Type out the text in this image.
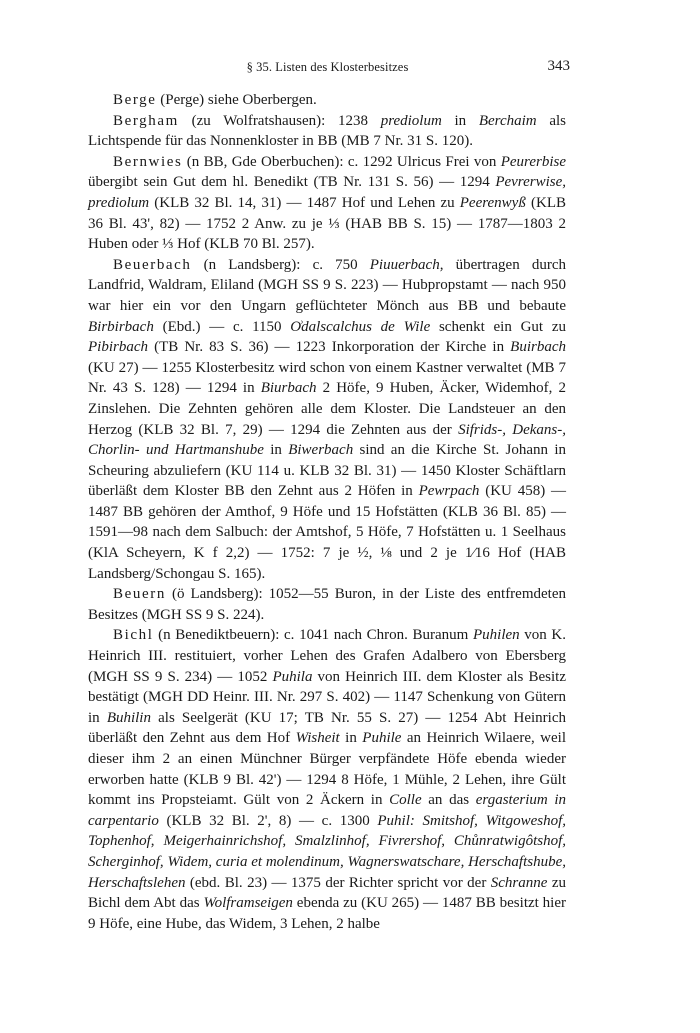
§ 35. Listen des Klosterbesitzes	343

Berge (Perge) siehe Oberbergen.

Bergham (zu Wolfratshausen): 1238 prediolum in Berchaim als Lichtspende für das Nonnenkloster in BB (MB 7 Nr. 31 S. 120).

Bernwies (n BB, Gde Oberbuchen): c. 1292 Ulricus Frei von Peurerbise übergibt sein Gut dem hl. Benedikt (TB Nr. 131 S. 56) — 1294 Pevrerwise, prediolum (KLB 32 Bl. 14, 31) — 1487 Hof und Lehen zu Peerenwyß (KLB 36 Bl. 43', 82) — 1752 2 Anw. zu je ⅓ (HAB BB S. 15) — 1787—1803 2 Huben oder ⅓ Hof (KLB 70 Bl. 257).

Beuerbach (n Landsberg): c. 750 Piuuerbach, übertragen durch Landfrid, Waldram, Eliland (MGH SS 9 S. 223) — Hubpropstamt — nach 950 war hier ein vor den Ungarn geflüchteter Mönch aus BB und bebaute Birbirbach (Ebd.) — c. 1150 O͗dalscalchus de Wile schenkt ein Gut zu Pibirbach (TB Nr. 83 S. 36) — 1223 Inkorporation der Kirche in Buirbach (KU 27) — 1255 Klosterbesitz wird schon von einem Kastner verwaltet (MB 7 Nr. 43 S. 128) — 1294 in Biurbach 2 Höfe, 9 Huben, Äcker, Widemhof, 2 Zinslehen. Die Zehnten gehören alle dem Kloster. Die Landsteuer an den Herzog (KLB 32 Bl. 7, 29) — 1294 die Zehnten aus der Sifrids-, Dekans-, Chorlin- und Hartmanshube in Biwerbach sind an die Kirche St. Johann in Scheuring abzuliefern (KU 114 u. KLB 32 Bl. 31) — 1450 Kloster Schäftlarn überläßt dem Kloster BB den Zehnt aus 2 Höfen in Pewrpach (KU 458) — 1487 BB gehören der Amthof, 9 Höfe und 15 Hofstätten (KLB 36 Bl. 85) — 1591—98 nach dem Salbuch: der Amtshof, 5 Höfe, 7 Hofstätten u. 1 Seelhaus (KlA Scheyern, K f 2,2) — 1752: 7 je ½, ⅛ und 2 je 1⁄16 Hof (HAB Landsberg/Schongau S. 165).

Beuern (ö Landsberg): 1052—55 Buron, in der Liste des entfremdeten Besitzes (MGH SS 9 S. 224).

Bichl (n Benediktbeuern): c. 1041 nach Chron. Buranum Puhilen von K. Heinrich III. restituiert, vorher Lehen des Grafen Adalbero von Ebersberg (MGH SS 9 S. 234) — 1052 Puhila von Heinrich III. dem Kloster als Besitz bestätigt (MGH DD Heinr. III. Nr. 297 S. 402) — 1147 Schenkung von Gütern in Buhilin als Seelgerät (KU 17; TB Nr. 55 S. 27) — 1254 Abt Heinrich überläßt den Zehnt aus dem Hof Wisheit in Puhile an Heinrich Wilaere, weil dieser ihm 2 an einen Münchner Bürger verpfändete Höfe ebenda wieder erworben hatte (KLB 9 Bl. 42') — 1294 8 Höfe, 1 Mühle, 2 Lehen, ihre Gült kommt ins Propsteiamt. Gült von 2 Äckern in Colle an das ergasterium in carpentario (KLB 32 Bl. 2', 8) — c. 1300 Puhil: Smitshof, Witgoweshof, Tophenhof, Meigerhainrichshof, Smalzlinhof, Fivrershof, Chůnratwigôtshof, Scherginhof, Widem, curia et molendinum, Wagnerswatschare, Herschaftshube, Herschaftslehen (ebd. Bl. 23) — 1375 der Richter spricht vor der Schranne zu Bichl dem Abt das Wolframseigen ebenda zu (KU 265) — 1487 BB besitzt hier 9 Höfe, eine Hube, das Widem, 3 Lehen, 2 halbe
